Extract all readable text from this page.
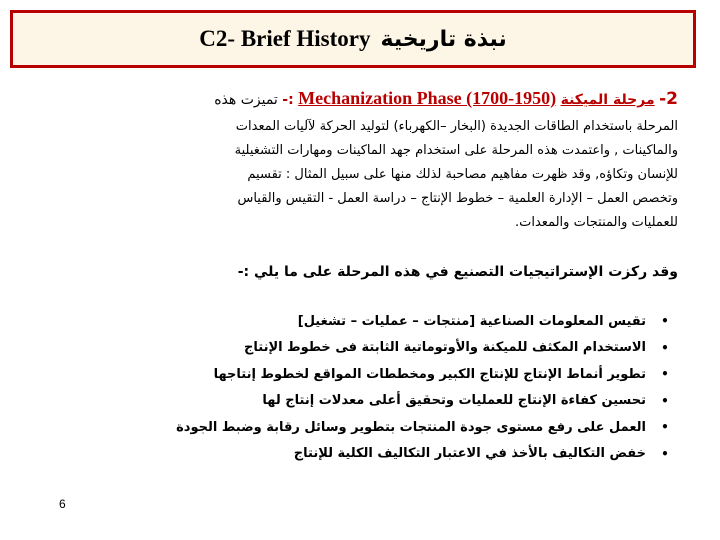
نبذة تاريخية
C2- Brief History
2- مرحلة الميكنة Mechanization Phase (1700-1950) :- تميزت هذه
المرحلة باستخدام الطاقات الجديدة (البخار –الكهرباء) لتوليد الحركة لآليات المعدات
والماكينات , واعتمدت هذه المرحلة على استخدام جهد الماكينات ومهارات التشغيلية
للإنسان وتكاؤه, وقد ظهرت مفاهيم مصاحبة لذلك منها على سبيل المثال : تقسيم
وتخصص العمل – الإدارة العلمية – خطوط الإنتاج – دراسة العمل - التقيس والقياس
للعمليات والمنتجات والمعدات.
وقد ركزت الإستراتيجيات التصنيع في هذه المرحلة على ما يلي :-
•
تقيس المعلومات الصناعية [منتجات – عمليات – تشغيل]
•
الاستخدام المكثف للميكنة والأوتوماتية الثابتة فى خطوط الإنتاج
•
تطوير أنماط الإنتاج للإنتاج الكبير ومخططات المواقع لخطوط إنتاجها
•
تحسين كفاءة الإنتاج للعمليات وتحقيق أعلى معدلات إنتاج لها
•
العمل على رفع مستوى جودة المنتجات بتطوير وسائل رقابة وضبط الجودة
•
خفض التكاليف بالأخذ في الاعتبار التكاليف الكلية للإنتاج
6
